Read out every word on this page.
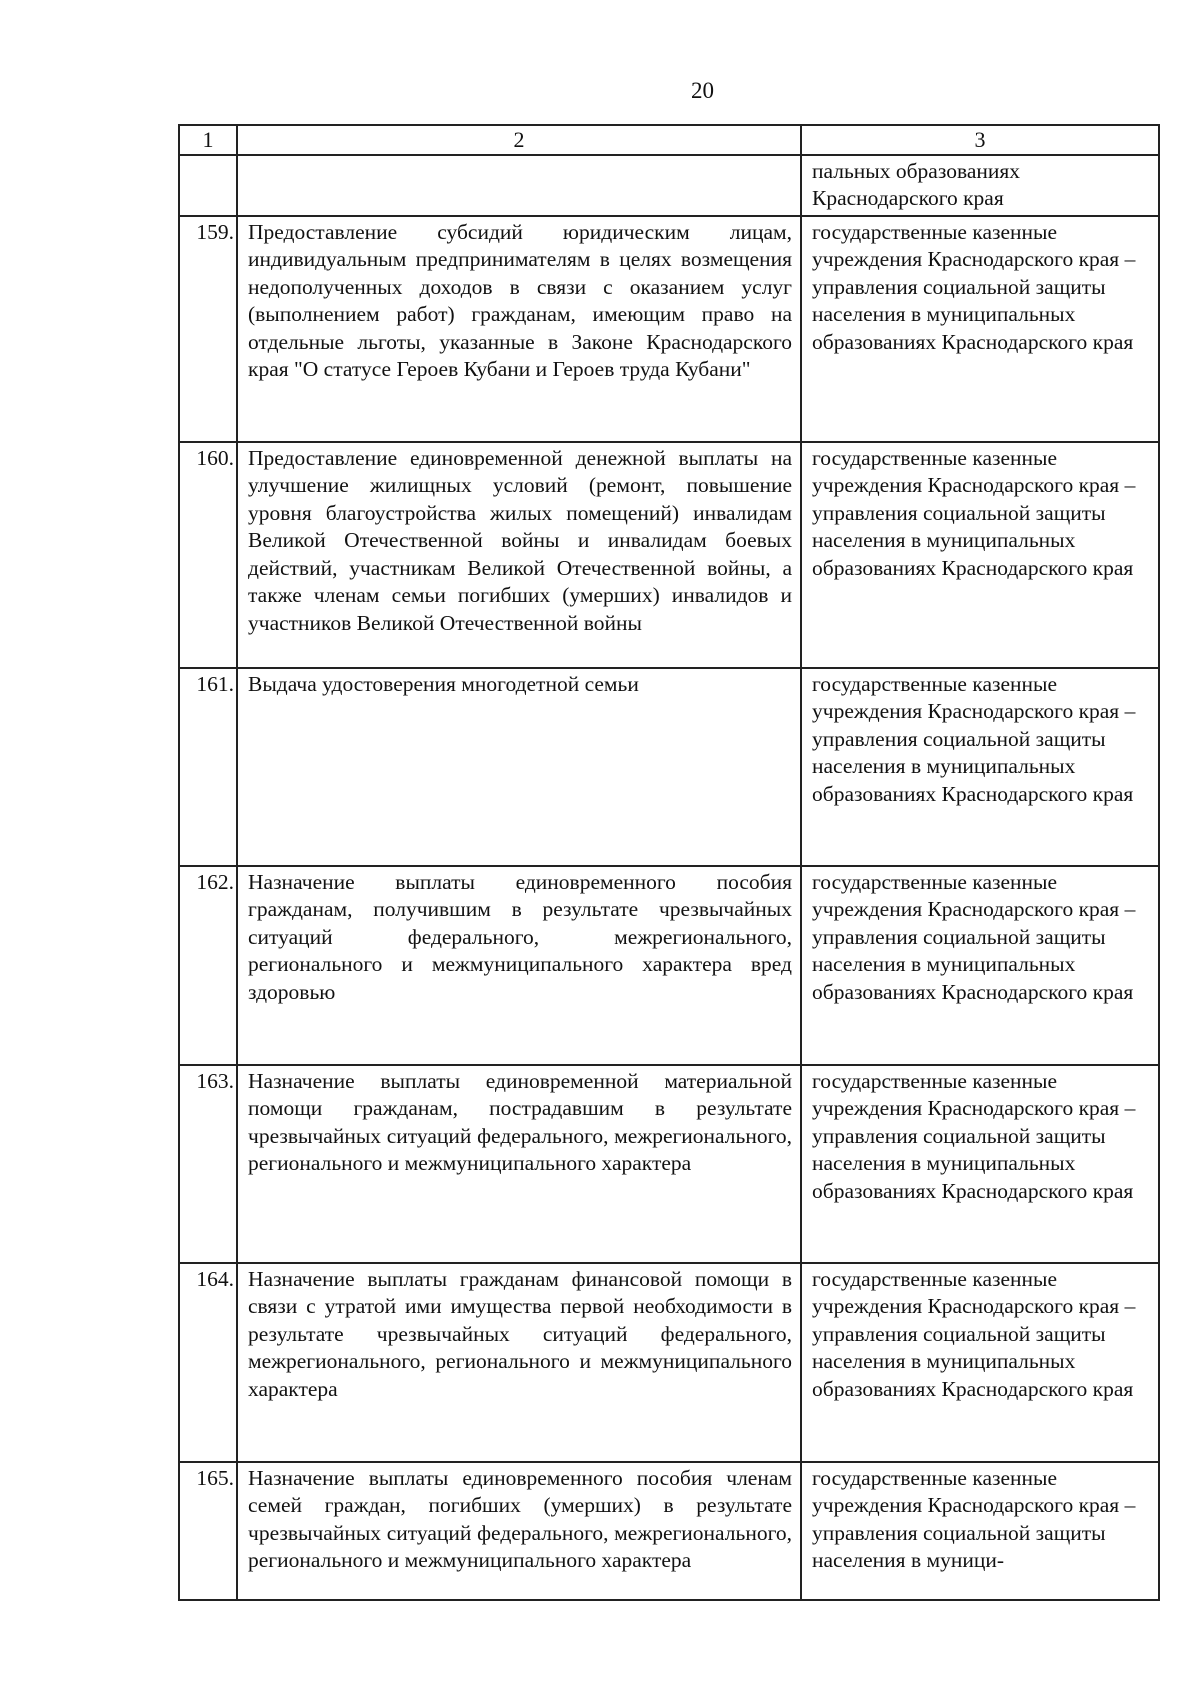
20
1	2	3
		пальных образованиях Краснодарского края
159.	Предоставление субсидий юридическим лицам, индивидуальным предпринимателям в целях возмещения недополученных доходов в связи с оказанием услуг (выполнением работ) гражданам, имеющим право на отдельные льготы, указанные в Законе Краснодарского края "О статусе Героев Кубани и Героев труда Кубани"	государственные казенные учреждения Краснодарского края – управления социальной защиты населения в муниципальных образованиях Краснодарского края
160.	Предоставление единовременной денежной выплаты на улучшение жилищных условий (ремонт, повышение уровня благоустройства жилых помещений) инвалидам Великой Отечественной войны и инвалидам боевых действий, участникам Великой Отечественной войны, а также членам семьи погибших (умерших) инвалидов и участников Великой Отечественной войны	государственные казенные учреждения Краснодарского края – управления социальной защиты населения в муниципальных образованиях Краснодарского края
161.	Выдача удостоверения многодетной семьи	государственные казенные учреждения Краснодарского края – управления социальной защиты населения в муниципальных образованиях Краснодарского края
162.	Назначение выплаты единовременного пособия гражданам, получившим в результате чрезвычайных ситуаций федерального, межрегионального, регионального и межмуниципального характера вред здоровью	государственные казенные учреждения Краснодарского края – управления социальной защиты населения в муниципальных образованиях Краснодарского края
163.	Назначение выплаты единовременной материальной помощи гражданам, пострадавшим в результате чрезвычайных ситуаций федерального, межрегионального, регионального и межмуниципального характера	государственные казенные учреждения Краснодарского края – управления социальной защиты населения в муниципальных образованиях Краснодарского края
164.	Назначение выплаты гражданам финансовой помощи в связи с утратой ими имущества первой необходимости в результате чрезвычайных ситуаций федерального, межрегионального, регионального и межмуниципального характера	государственные казенные учреждения Краснодарского края – управления социальной защиты населения в муниципальных образованиях Краснодарского края
165.	Назначение выплаты единовременного пособия членам семей граждан, погибших (умерших) в результате чрезвычайных ситуаций федерального, межрегионального, регионального и межмуниципального характера	государственные казенные учреждения Краснодарского края – управления социальной защиты населения в муници-
